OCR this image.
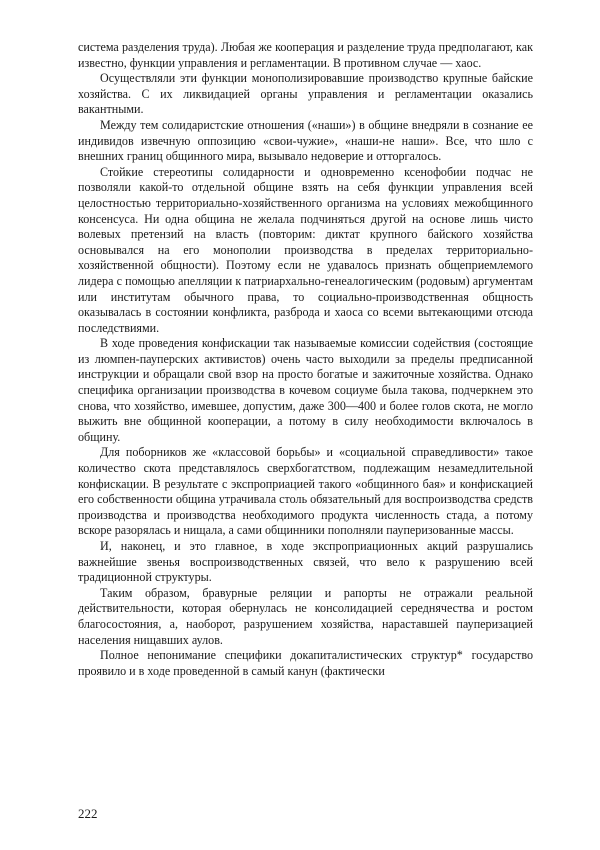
система разделения труда). Любая же кооперация и разделение труда предполагают, как известно, функции управления и регламентации. В противном случае — хаос.

Осуществляли эти функции монополизировавшие производство крупные байские хозяйства. С их ликвидацией органы управления и регламентации оказались вакантными.

Между тем солидаристские отношения («наши») в общине внедряли в сознание ее индивидов извечную оппозицию «свои-чужие», «наши-не наши». Все, что шло с внешних границ общинного мира, вызывало недоверие и отторгалось.

Стойкие стереотипы солидарности и одновременно ксенофобии подчас не позволяли какой-то отдельной общине взять на себя функции управления всей целостностью территориально-хозяйственного организма на условиях межобщинного консенсуса. Ни одна община не желала подчиняться другой на основе лишь чисто волевых претензий на власть (повторим: диктат крупного байского хозяйства основывался на его монополии производства в пределах территориально-хозяйственной общности). Поэтому если не удавалось признать общеприемлемого лидера с помощью апелляции к патриархально-генеалогическим (родовым) аргументам или институтам обычного права, то социально-производственная общность оказывалась в состоянии конфликта, разброда и хаоса со всеми вытекающими отсюда последствиями.

В ходе проведения конфискации так называемые комиссии содействия (состоящие из люмпен-пауперских активистов) очень часто выходили за пределы предписанной инструкции и обращали свой взор на просто богатые и зажиточные хозяйства. Однако специфика организации производства в кочевом социуме была такова, подчеркнем это снова, что хозяйство, имевшее, допустим, даже 300—400 и более голов скота, не могло выжить вне общинной кооперации, а потому в силу необходимости включалось в общину.

Для поборников же «классовой борьбы» и «социальной справедливости» такое количество скота представлялось сверхбогатством, подлежащим незамедлительной конфискации. В результате с экспроприацией такого «общинного бая» и конфискацией его собственности община утрачивала столь обязательный для воспроизводства средств производства и производства необходимого продукта численность стада, а потому вскоре разорялась и нищала, а сами общинники пополняли пауперизованные массы.

И, наконец, и это главное, в ходе экспроприационных акций разрушались важнейшие звенья воспроизводственных связей, что вело к разрушению всей традиционной структуры.

Таким образом, бравурные реляции и рапорты не отражали реальной действительности, которая обернулась не консолидацией середнячества и ростом благосостояния, а, наоборот, разрушением хозяйства, нараставшей пауперизацией населения нищавших аулов.

Полное непонимание специфики докапиталистических структур* государство проявило и в ходе проведенной в самый канун (фактически

222
